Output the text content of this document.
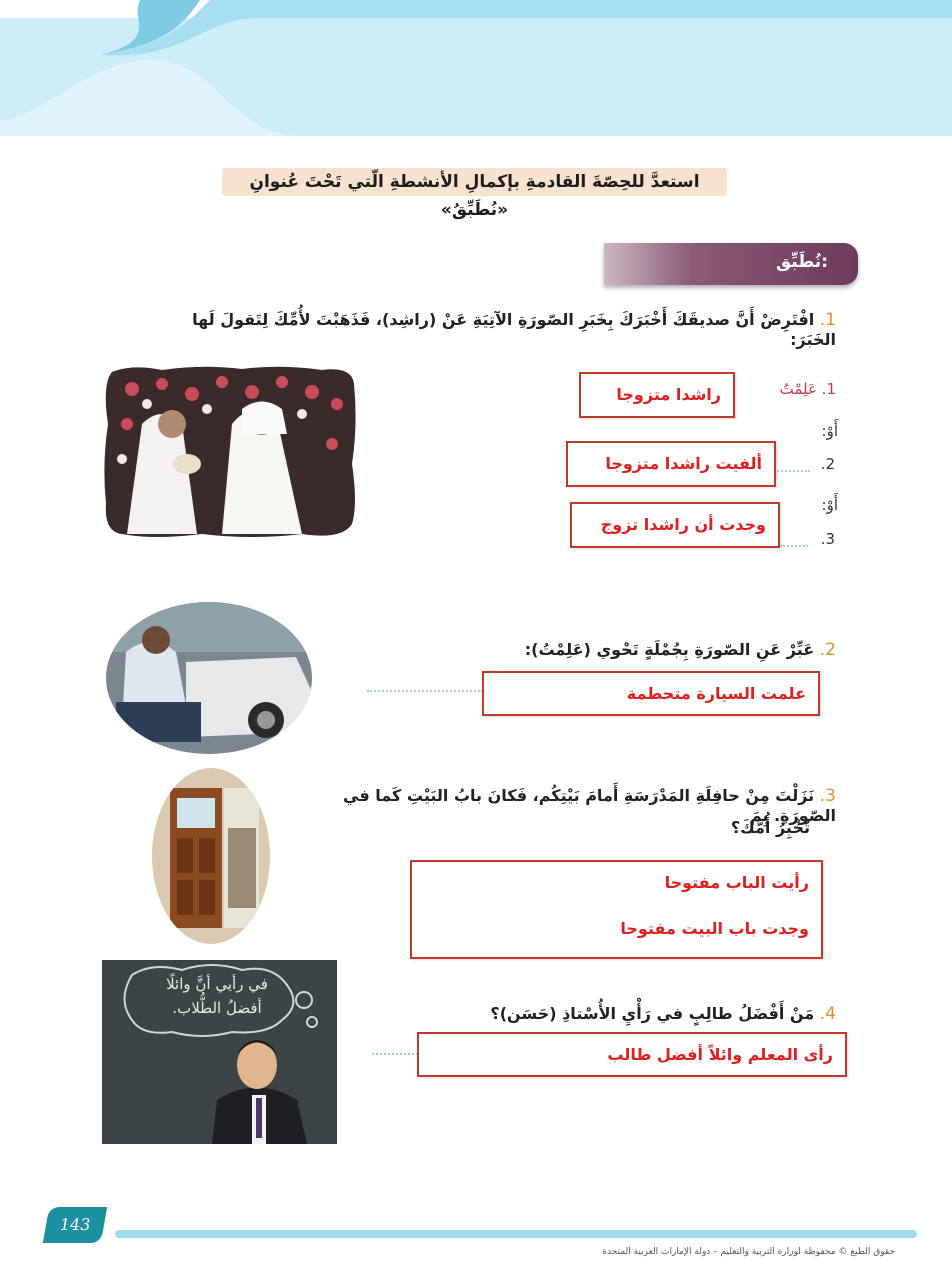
استعدَّ للحِصّةَ القادمةِ بإكمالِ الأنشطةِ الّتي تَحْتَ عُنوانِ «نُطَبِّقُ»
نُطَبِّق:
1. افْتَرِضْ أَنَّ صديقَكَ أَخْبَرَكَ بِخَبَرِ الصّورَةِ الآتِيَةِ عَنْ (راشِد)، فَذَهَبْتَ لأُمِّكَ لِتَقولَ لَها الخَبَرَ:
1. عَلِمْتُ
راشدا متزوجا
أَوْ:
2.
ألفيت راشدا متزوجا
أَوْ:
3.
وجدت أن راشدا تزوج
2. عَبِّرْ عَنِ الصّورَةِ بِجُمْلَةٍ تَحْوي (عَلِمْتُ):
علمت السيارة متحطمة
3. نَزَلْتَ مِنْ حافِلَةِ المَدْرَسَةِ أَمامَ بَيْتِكُم، فَكانَ بابُ البَيْتِ كَما في الصّورَةِ. بِمَ
تُخْبِرُ أُمَّكَ؟
رأيت الباب مفتوحا
وجدت باب البيت مفتوحا
في رأيي أنَّ وائلًا
أفضلُ الطُّلاب.	4. مَنْ أَفْضَلُ طالِبٍ في رَأْيِ الأُسْتاذِ (حَسَن)؟
رأى المعلم وائلاً أفضل طالب
143
حقوق الطبع © محفوظة لوزارة التربية والتعليم – دولة الإمارات العربية المتحدة
